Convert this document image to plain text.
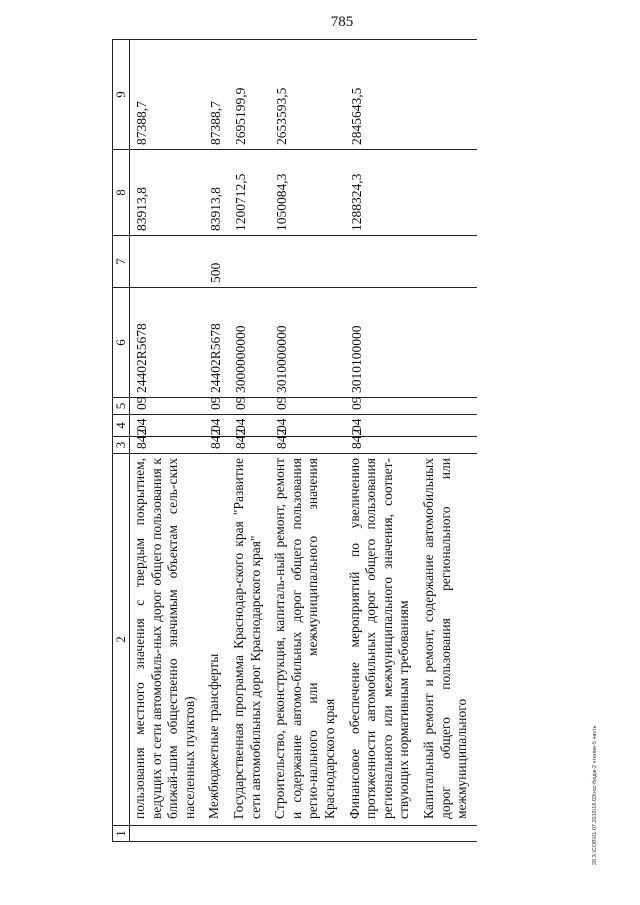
785
1	2	3	4	5	6	7	8	9
	пользования местного значения с твердым покрытием, ведущих от сети автомобиль-ных дорог общего пользования к ближай-шим общественно значимым объектам сель-ских населенных пунктов)	842	04	09	24402R5678		83913,8	87388,7
	Межбюджетные трансферты	842	04	09	24402R5678	500	83913,8	87388,7
	Государственная программа Краснодар-ского края "Развитие сети автомобильных дорог Краснодарского края"	842	04	09	3000000000		1200712,5	2695199,9
	Строительство, реконструкция, капиталь-ный ремонт, ремонт и содержание автомо-бильных дорог общего пользования регио-нального или межмуниципального значения Краснодарского края	842	04	09	3010000000		1050084,3	2653593,5
	Финансовое обеспечение мероприятий по увеличению протяженности автомобильных дорог общего пользования регионального или межмуниципального значения, соответ-ствующих нормативным требованиям	842	04	09	3010100000		1288324,3	2845643,5
	Капитальный ремонт и ремонт, содержание автомобильных дорог общего пользования регионального или межмуниципального								20.3.\COB\01.07.2019\16:03\гос-бюдж-2 чтение-5 часть
